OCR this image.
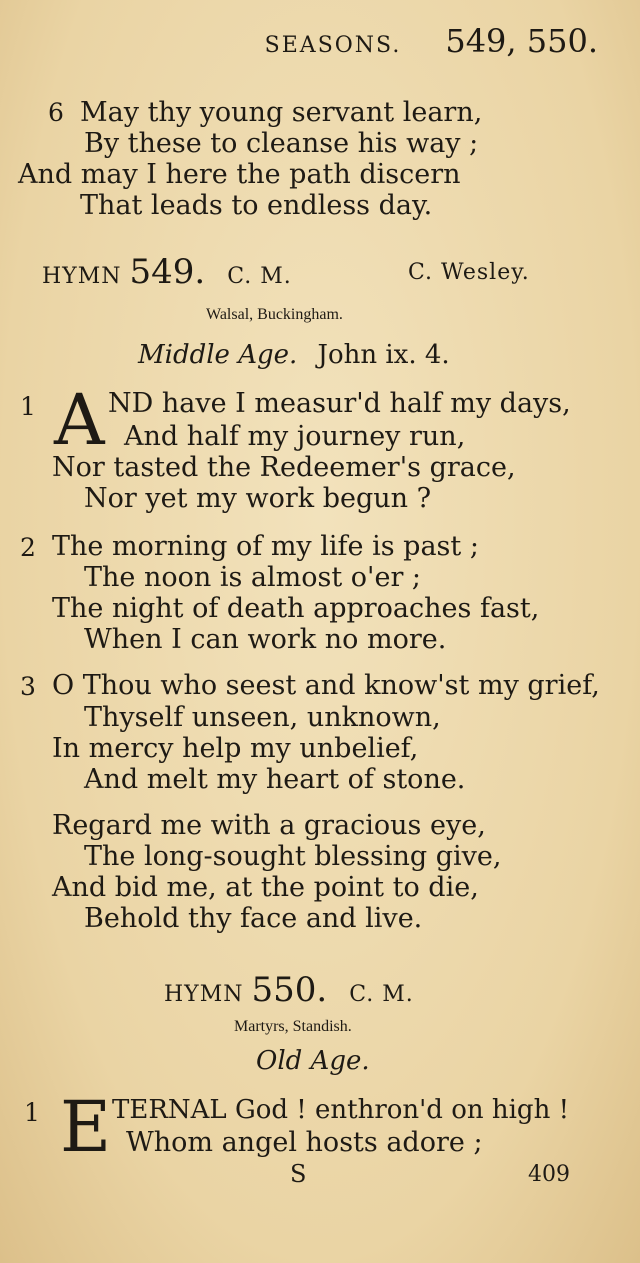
SEASONS. 549, 550.
6 May thy young servant learn,
By these to cleanse his way ;
And may I here the path discern
That leads to endless day.
HYMN 549. C. M.	C. Wesley.
Walsal, Buckingham.
Middle Age. John ix. 4.
1 A ND have I measur'd half my days,
And half my journey run,
Nor tasted the Redeemer's grace,
Nor yet my work begun ?
2 The morning of my life is past ;
The noon is almost o'er ;
The night of death approaches fast,
When I can work no more.
3 O Thou who seest and know'st my grief,
Thyself unseen, unknown,
In mercy help my unbelief,
And melt my heart of stone.
Regard me with a gracious eye,
The long-sought blessing give,
And bid me, at the point to die,
Behold thy face and live.
HYMN 550. C. M.
Martyrs, Standish.
Old Age.
1 E TERNAL God ! enthron'd on high !
Whom angel hosts adore ;
S	409
